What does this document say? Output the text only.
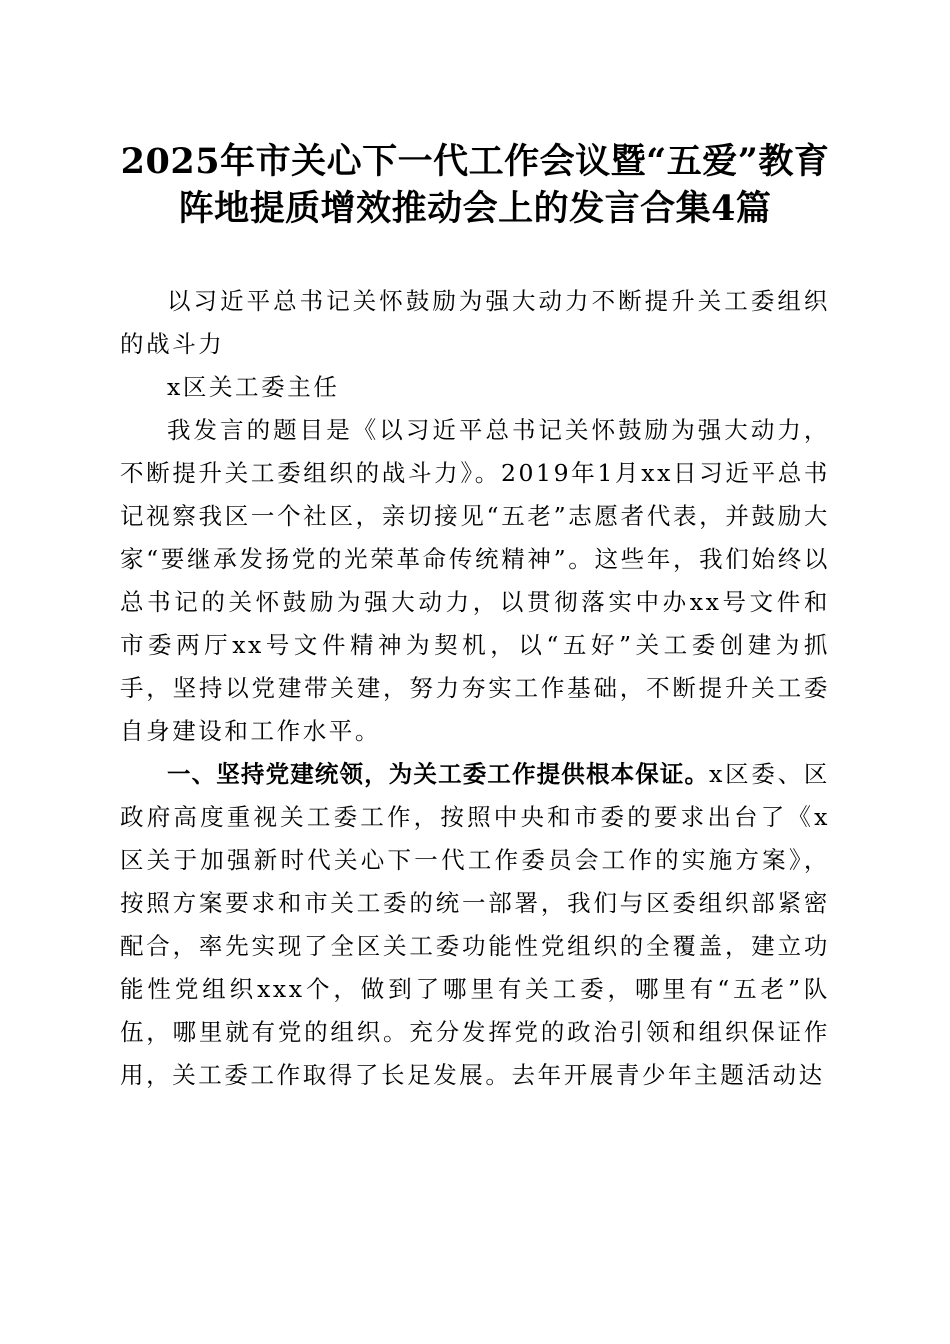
2025年市关心下一代工作会议暨“五爱”教育阵地提质增效推动会上的发言合集4篇

以习近平总书记关怀鼓励为强大动力不断提升关工委组织的战斗力

x区关工委主任

我发言的题目是《以习近平总书记关怀鼓励为强大动力，不断提升关工委组织的战斗力》。2019年1月xx日习近平总书记视察我区一个社区，亲切接见“五老”志愿者代表，并鼓励大家“要继承发扬党的光荣革命传统精神”。这些年，我们始终以总书记的关怀鼓励为强大动力，以贯彻落实中办xx号文件和市委两厅xx号文件精神为契机，以“五好”关工委创建为抓手，坚持以党建带关建，努力夯实工作基础，不断提升关工委自身建设和工作水平。

一、坚持党建统领，为关工委工作提供根本保证。x区委、区政府高度重视关工委工作，按照中央和市委的要求出台了《x区关于加强新时代关心下一代工作委员会工作的实施方案》，按照方案要求和市关工委的统一部署，我们与区委组织部紧密配合，率先实现了全区关工委功能性党组织的全覆盖，建立功能性党组织xxx个，做到了哪里有关工委，哪里有“五老”队伍，哪里就有党的组织。充分发挥党的政治引领和组织保证作用，关工委工作取得了长足发展。去年开展青少年主题活动达
